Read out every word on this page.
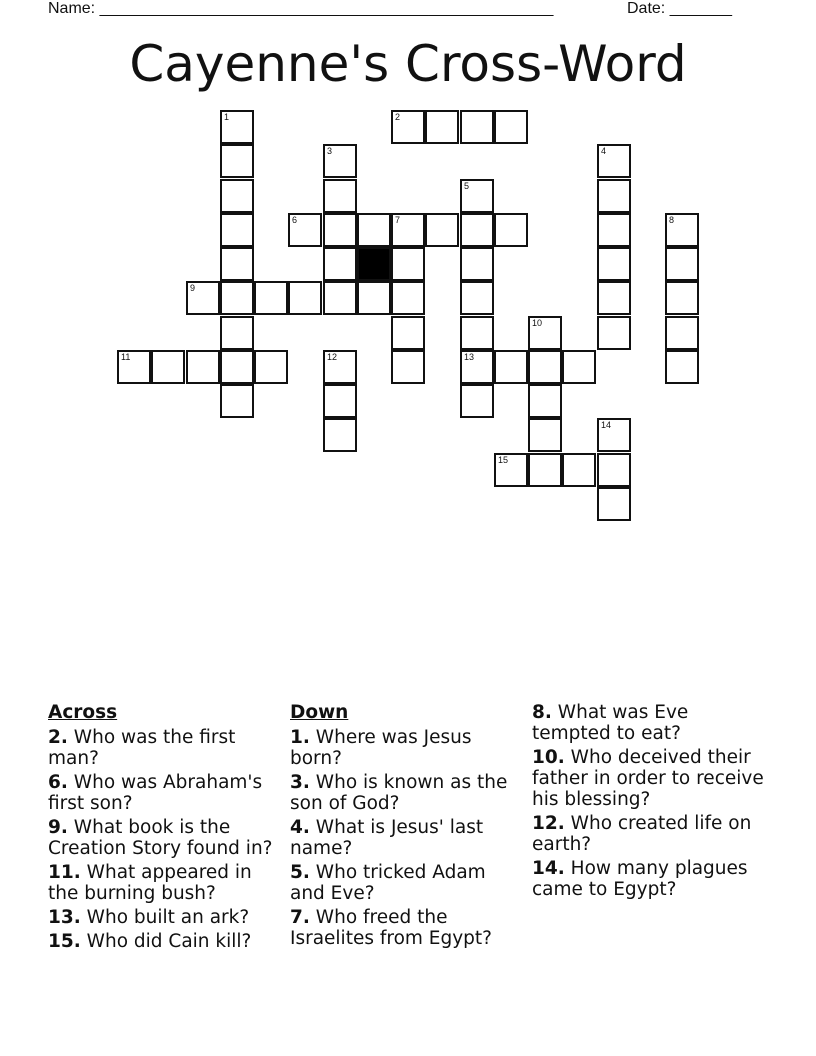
Name: ___________________________________________________	Date: _______
Cayenne's Cross-Word
1	2
3	4
5
6	7	8
9
10
11	12	13
14
15
Across
2. Who was the first man?
6. Who was Abraham's first son?
9. What book is the Creation Story found in?
11. What appeared in the burning bush?
13. Who built an ark?
15. Who did Cain kill?
Down
1. Where was Jesus born?
3. Who is known as the son of God?
4. What is Jesus' last name?
5. Who tricked Adam and Eve?
7. Who freed the Israelites from Egypt?
8. What was Eve tempted to eat?
10. Who deceived their father in order to receive his blessing?
12. Who created life on earth?
14. How many plagues came to Egypt?
